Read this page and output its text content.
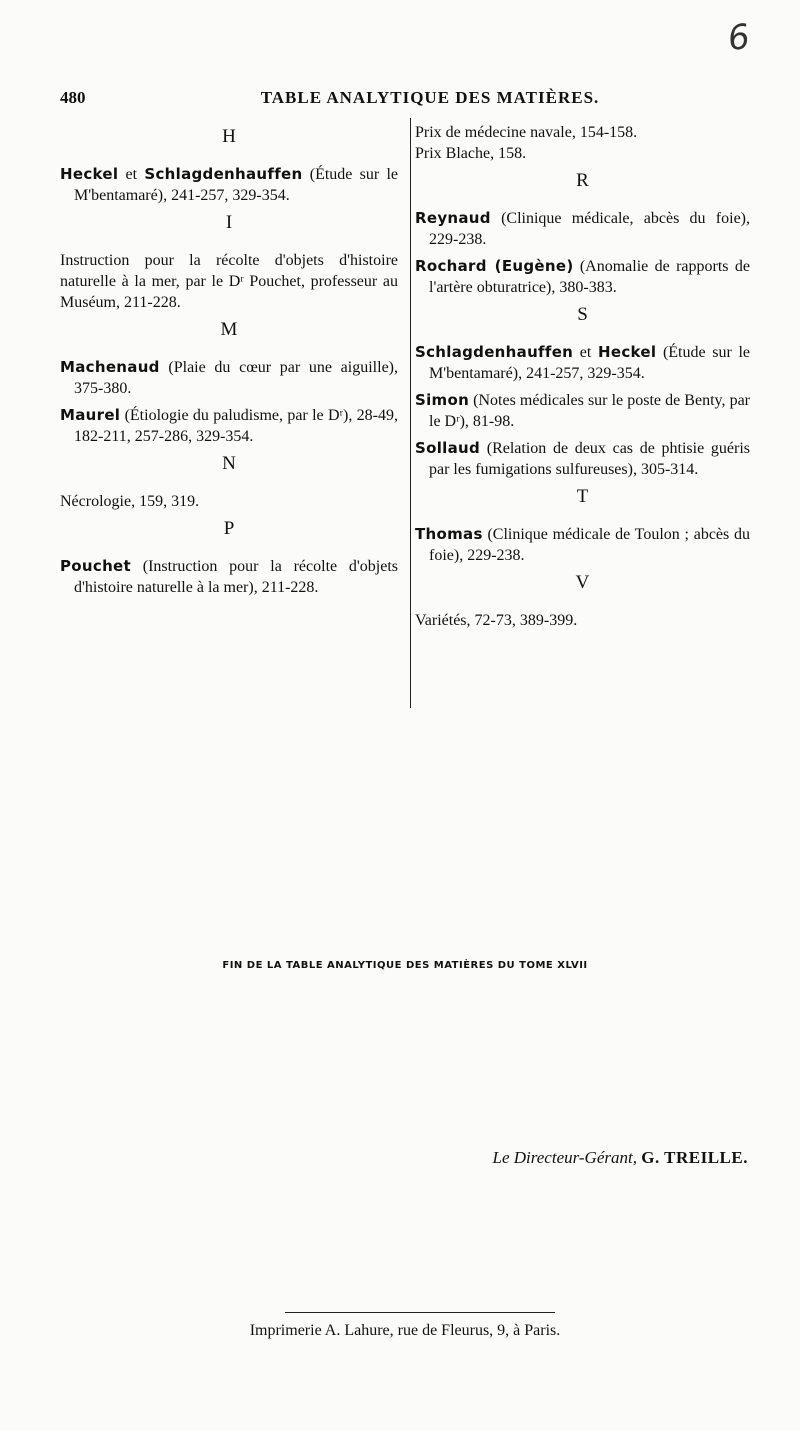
6
480	TABLE ANALYTIQUE DES MATIÈRES.
H

Heckel et Schlagdenhauffen (Étude sur le M'bentamaré), 241-257, 329-354.

I

Instruction pour la récolte d'objets d'histoire naturelle à la mer, par le Dʳ Pouchet, professeur au Muséum, 211-228.

M

Machenaud (Plaie du cœur par une aiguille), 375-380.

Maurel (Étiologie du paludisme, par le Dʳ), 28-49, 182-211, 257-286, 329-354.

N

Nécrologie, 159, 319.

P

Pouchet (Instruction pour la récolte d'objets d'histoire naturelle à la mer), 211-228.

Prix de médecine navale, 154-158.

Prix Blache, 158.

R

Reynaud (Clinique médicale, abcès du foie), 229-238.

Rochard (Eugène) (Anomalie de rapports de l'artère obturatrice), 380-383.

S

Schlagdenhauffen et Heckel (Étude sur le M'bentamaré), 241-257, 329-354.

Simon (Notes médicales sur le poste de Benty, par le Dʳ), 81-98.

Sollaud (Relation de deux cas de phtisie guéris par les fumigations sulfureuses), 305-314.

T

Thomas (Clinique médicale de Toulon ; abcès du foie), 229-238.

V

Variétés, 72-73, 389-399.

FIN DE LA TABLE ANALYTIQUE DES MATIÈRES DU TOME XLVII
Le Directeur-Gérant, G. TREILLE.
Imprimerie A. Lahure, rue de Fleurus, 9, à Paris.
